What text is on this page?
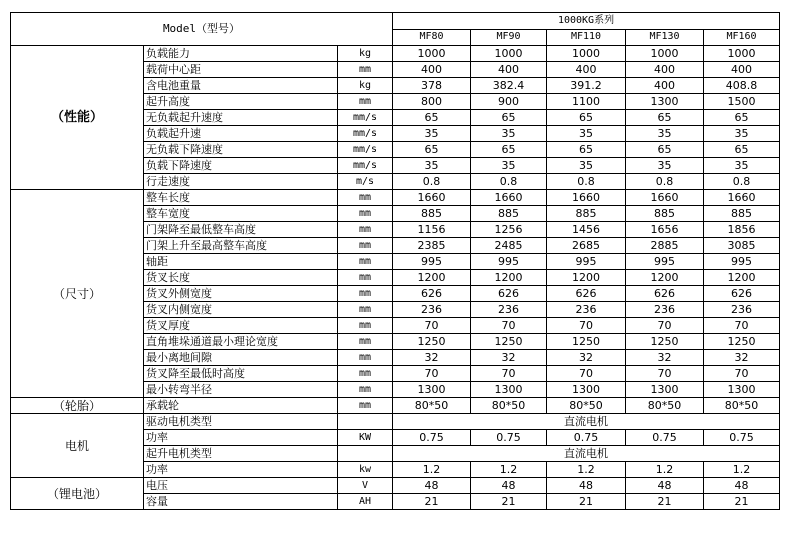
Model（型号）			1000KG系列				
			MF80	MF90	MF110	MF130	MF160
（性能）	负载能力	kg	1000	1000	1000	1000	1000
	载荷中心距	mm	400	400	400	400	400
	含电池重量	kg	378	382.4	391.2	400	408.8
	起升高度	mm	800	900	1100	1300	1500
	无负载起升速度	mm/s	65	65	65	65	65
	负载起升速	mm/s	35	35	35	35	35
	无负载下降速度	mm/s	65	65	65	65	65
	负载下降速度	mm/s	35	35	35	35	35
	行走速度	m/s	0.8	0.8	0.8	0.8	0.8
（尺寸）	整车长度	mm	1660	1660	1660	1660	1660
	整车宽度	mm	885	885	885	885	885
	门架降至最低整车高度	mm	1156	1256	1456	1656	1856
	门架上升至最高整车高度	mm	2385	2485	2685	2885	3085
	轴距	mm	995	995	995	995	995
	货叉长度	mm	1200	1200	1200	1200	1200
	货叉外侧宽度	mm	626	626	626	626	626
	货叉内侧宽度	mm	236	236	236	236	236
	货叉厚度	mm	70	70	70	70	70
	直角堆垛通道最小理论宽度	mm	1250	1250	1250	1250	1250
	最小离地间隙	mm	32	32	32	32	32
	货叉降至最低时高度	mm	70	70	70	70	70
	最小转弯半径	mm	1300	1300	1300	1300	1300
（轮胎）	承载轮	mm	80*50	80*50	80*50	80*50	80*50
电机	驱动电机类型		直流电机				
	功率	KW	0.75	0.75	0.75	0.75	0.75
	起升电机类型		直流电机				
	功率	kw	1.2	1.2	1.2	1.2	1.2
（锂电池）	电压	V	48	48	48	48	48
	容量	AH	21	21	21	21	21
